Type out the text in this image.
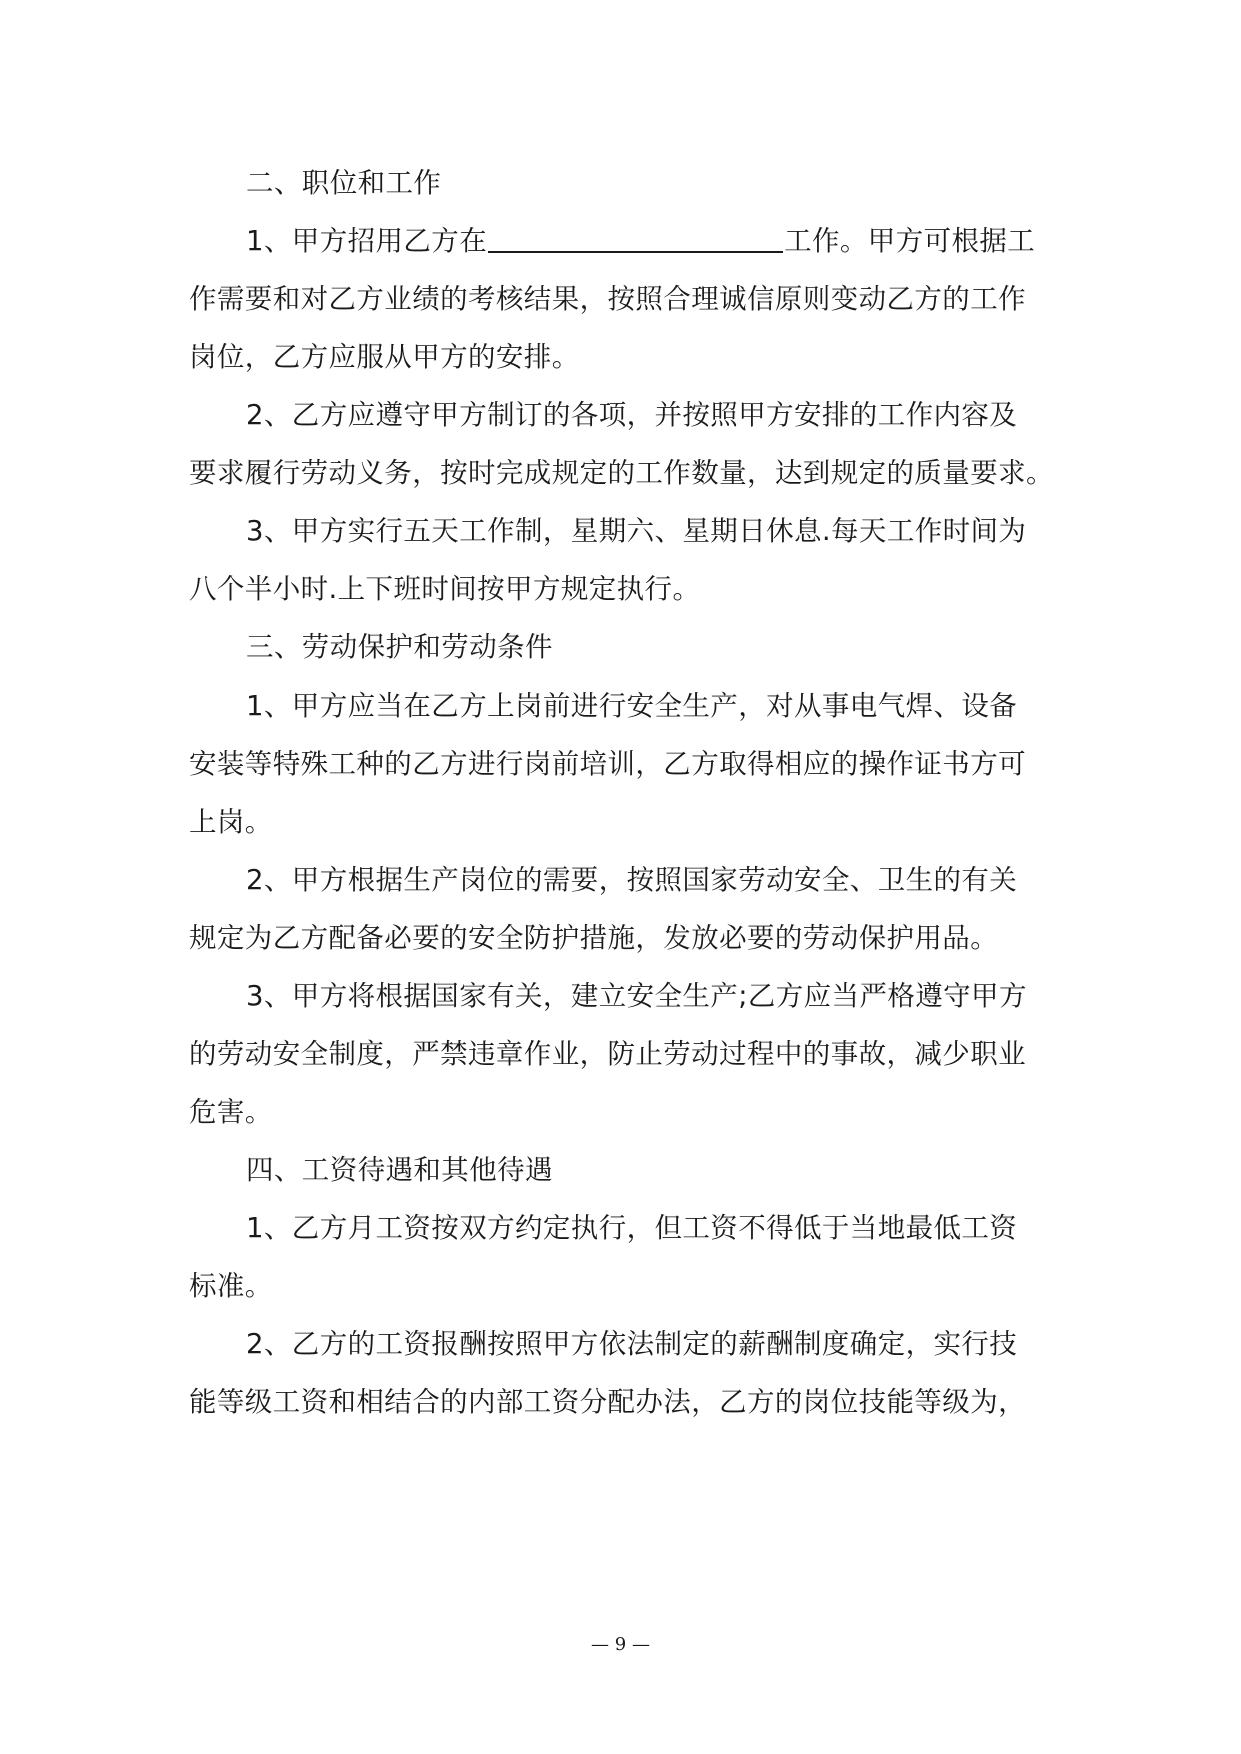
二、职位和工作
1、甲方招用乙方在	工作。甲方可根据工
作需要和对乙方业绩的考核结果，按照合理诚信原则变动乙方的工作
岗位，乙方应服从甲方的安排。
2、乙方应遵守甲方制订的各项，并按照甲方安排的工作内容及
要求履行劳动义务，按时完成规定的工作数量，达到规定的质量要求。
3、甲方实行五天工作制，星期六、星期日休息.每天工作时间为
八个半小时.上下班时间按甲方规定执行。
三、劳动保护和劳动条件
1、甲方应当在乙方上岗前进行安全生产，对从事电气焊、设备
安装等特殊工种的乙方进行岗前培训，乙方取得相应的操作证书方可
上岗。
2、甲方根据生产岗位的需要，按照国家劳动安全、卫生的有关
规定为乙方配备必要的安全防护措施，发放必要的劳动保护用品。
3、甲方将根据国家有关，建立安全生产;乙方应当严格遵守甲方
的劳动安全制度，严禁违章作业，防止劳动过程中的事故，减少职业
危害。
四、工资待遇和其他待遇
1、乙方月工资按双方约定执行，但工资不得低于当地最低工资
标准。
2、乙方的工资报酬按照甲方依法制定的薪酬制度确定，实行技
能等级工资和相结合的内部工资分配办法，乙方的岗位技能等级为，
— 9 —
